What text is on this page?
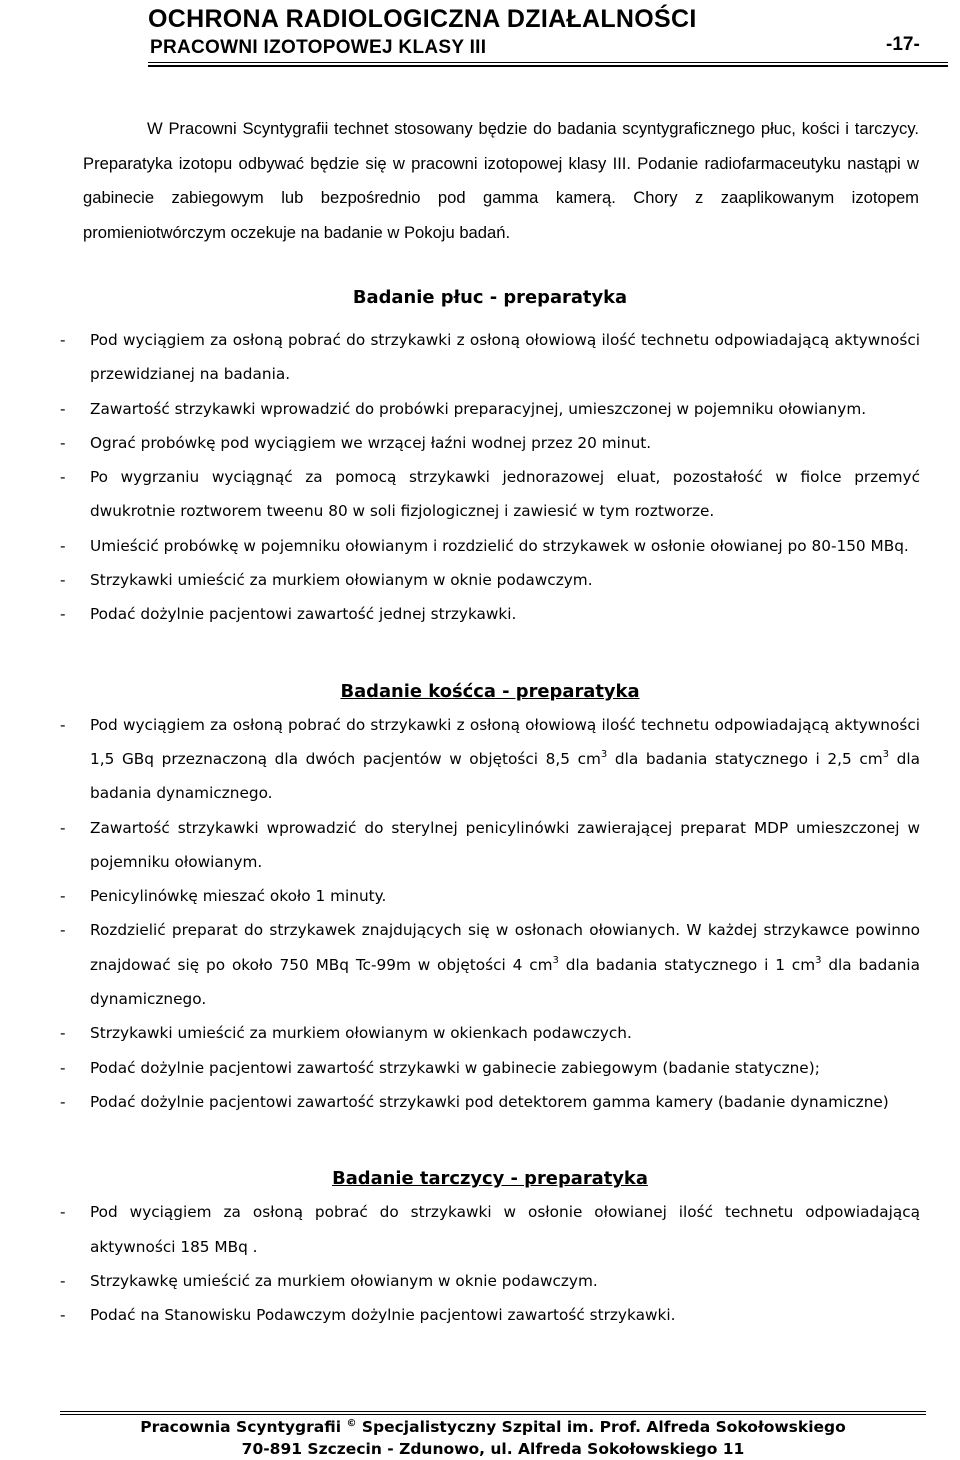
OCHRONA RADIOLOGICZNA DZIAŁALNOŚCI
PRACOWNI IZOTOPOWEJ KLASY III	-17-

W Pracowni Scyntygrafii technet stosowany będzie do badania scyntygraficznego płuc, kości i tarczycy. Preparatyka izotopu odbywać będzie się w pracowni izotopowej klasy III. Podanie radiofarmaceutyku nastąpi w gabinecie zabiegowym lub bezpośrednio pod gamma kamerą. Chory z zaaplikowanym izotopem promieniotwórczym oczekuje na badanie w Pokoju badań.

Badanie płuc - preparatyka
- Pod wyciągiem za osłoną pobrać do strzykawki z osłoną ołowiową ilość technetu odpowiadającą aktywności przewidzianej na badania.
- Zawartość strzykawki wprowadzić do probówki preparacyjnej, umieszczonej w pojemniku ołowianym.
- Ograć probówkę pod wyciągiem we wrzącej łaźni wodnej przez 20 minut.
- Po wygrzaniu wyciągnąć za pomocą strzykawki jednorazowej eluat, pozostałość w fiolce przemyć dwukrotnie roztworem tweenu 80 w soli fizjologicznej i zawiesić w tym roztworze.
- Umieścić probówkę w pojemniku ołowianym i rozdzielić do strzykawek w osłonie ołowianej po 80-150 MBq.
- Strzykawki umieścić za murkiem ołowianym w oknie podawczym.
- Podać dożylnie pacjentowi zawartość jednej strzykawki.
Badanie kośćca - preparatyka
- Pod wyciągiem za osłoną pobrać do strzykawki z osłoną ołowiową ilość technetu odpowiadającą aktywności 1,5 GBq przeznaczoną dla dwóch pacjentów w objętości 8,5 $cm^3$ dla badania statycznego i 2,5 $cm^3$ dla badania dynamicznego.
- Zawartość strzykawki wprowadzić do sterylnej penicylinówki zawierającej preparat MDP umieszczonej w pojemniku ołowianym.
- Penicylinówkę mieszać około 1 minuty.
- Rozdzielić preparat do strzykawek znajdujących się w osłonach ołowianych. W każdej strzykawce powinno znajdować się po około 750 MBq Tc-99m w objętości 4 $cm^3$ dla badania statycznego i 1 $cm^3$ dla badania dynamicznego.
- Strzykawki umieścić za murkiem ołowianym w okienkach podawczych.
- Podać dożylnie pacjentowi zawartość strzykawki w gabinecie zabiegowym (badanie statyczne);
- Podać dożylnie pacjentowi zawartość strzykawki pod detektorem gamma kamery (badanie dynamiczne)
Badanie tarczycy - preparatyka
- Pod wyciągiem za osłoną pobrać do strzykawki w osłonie ołowianej ilość technetu odpowiadającą aktywności 185 MBq .
- Strzykawkę umieścić za murkiem ołowianym w oknie podawczym.
- Podać na Stanowisku Podawczym dożylnie pacjentowi zawartość strzykawki.
Pracownia Scyntygrafii © Specjalistyczny Szpital im. Prof. Alfreda Sokołowskiego
70-891 Szczecin - Zdunowo, ul. Alfreda Sokołowskiego 11
